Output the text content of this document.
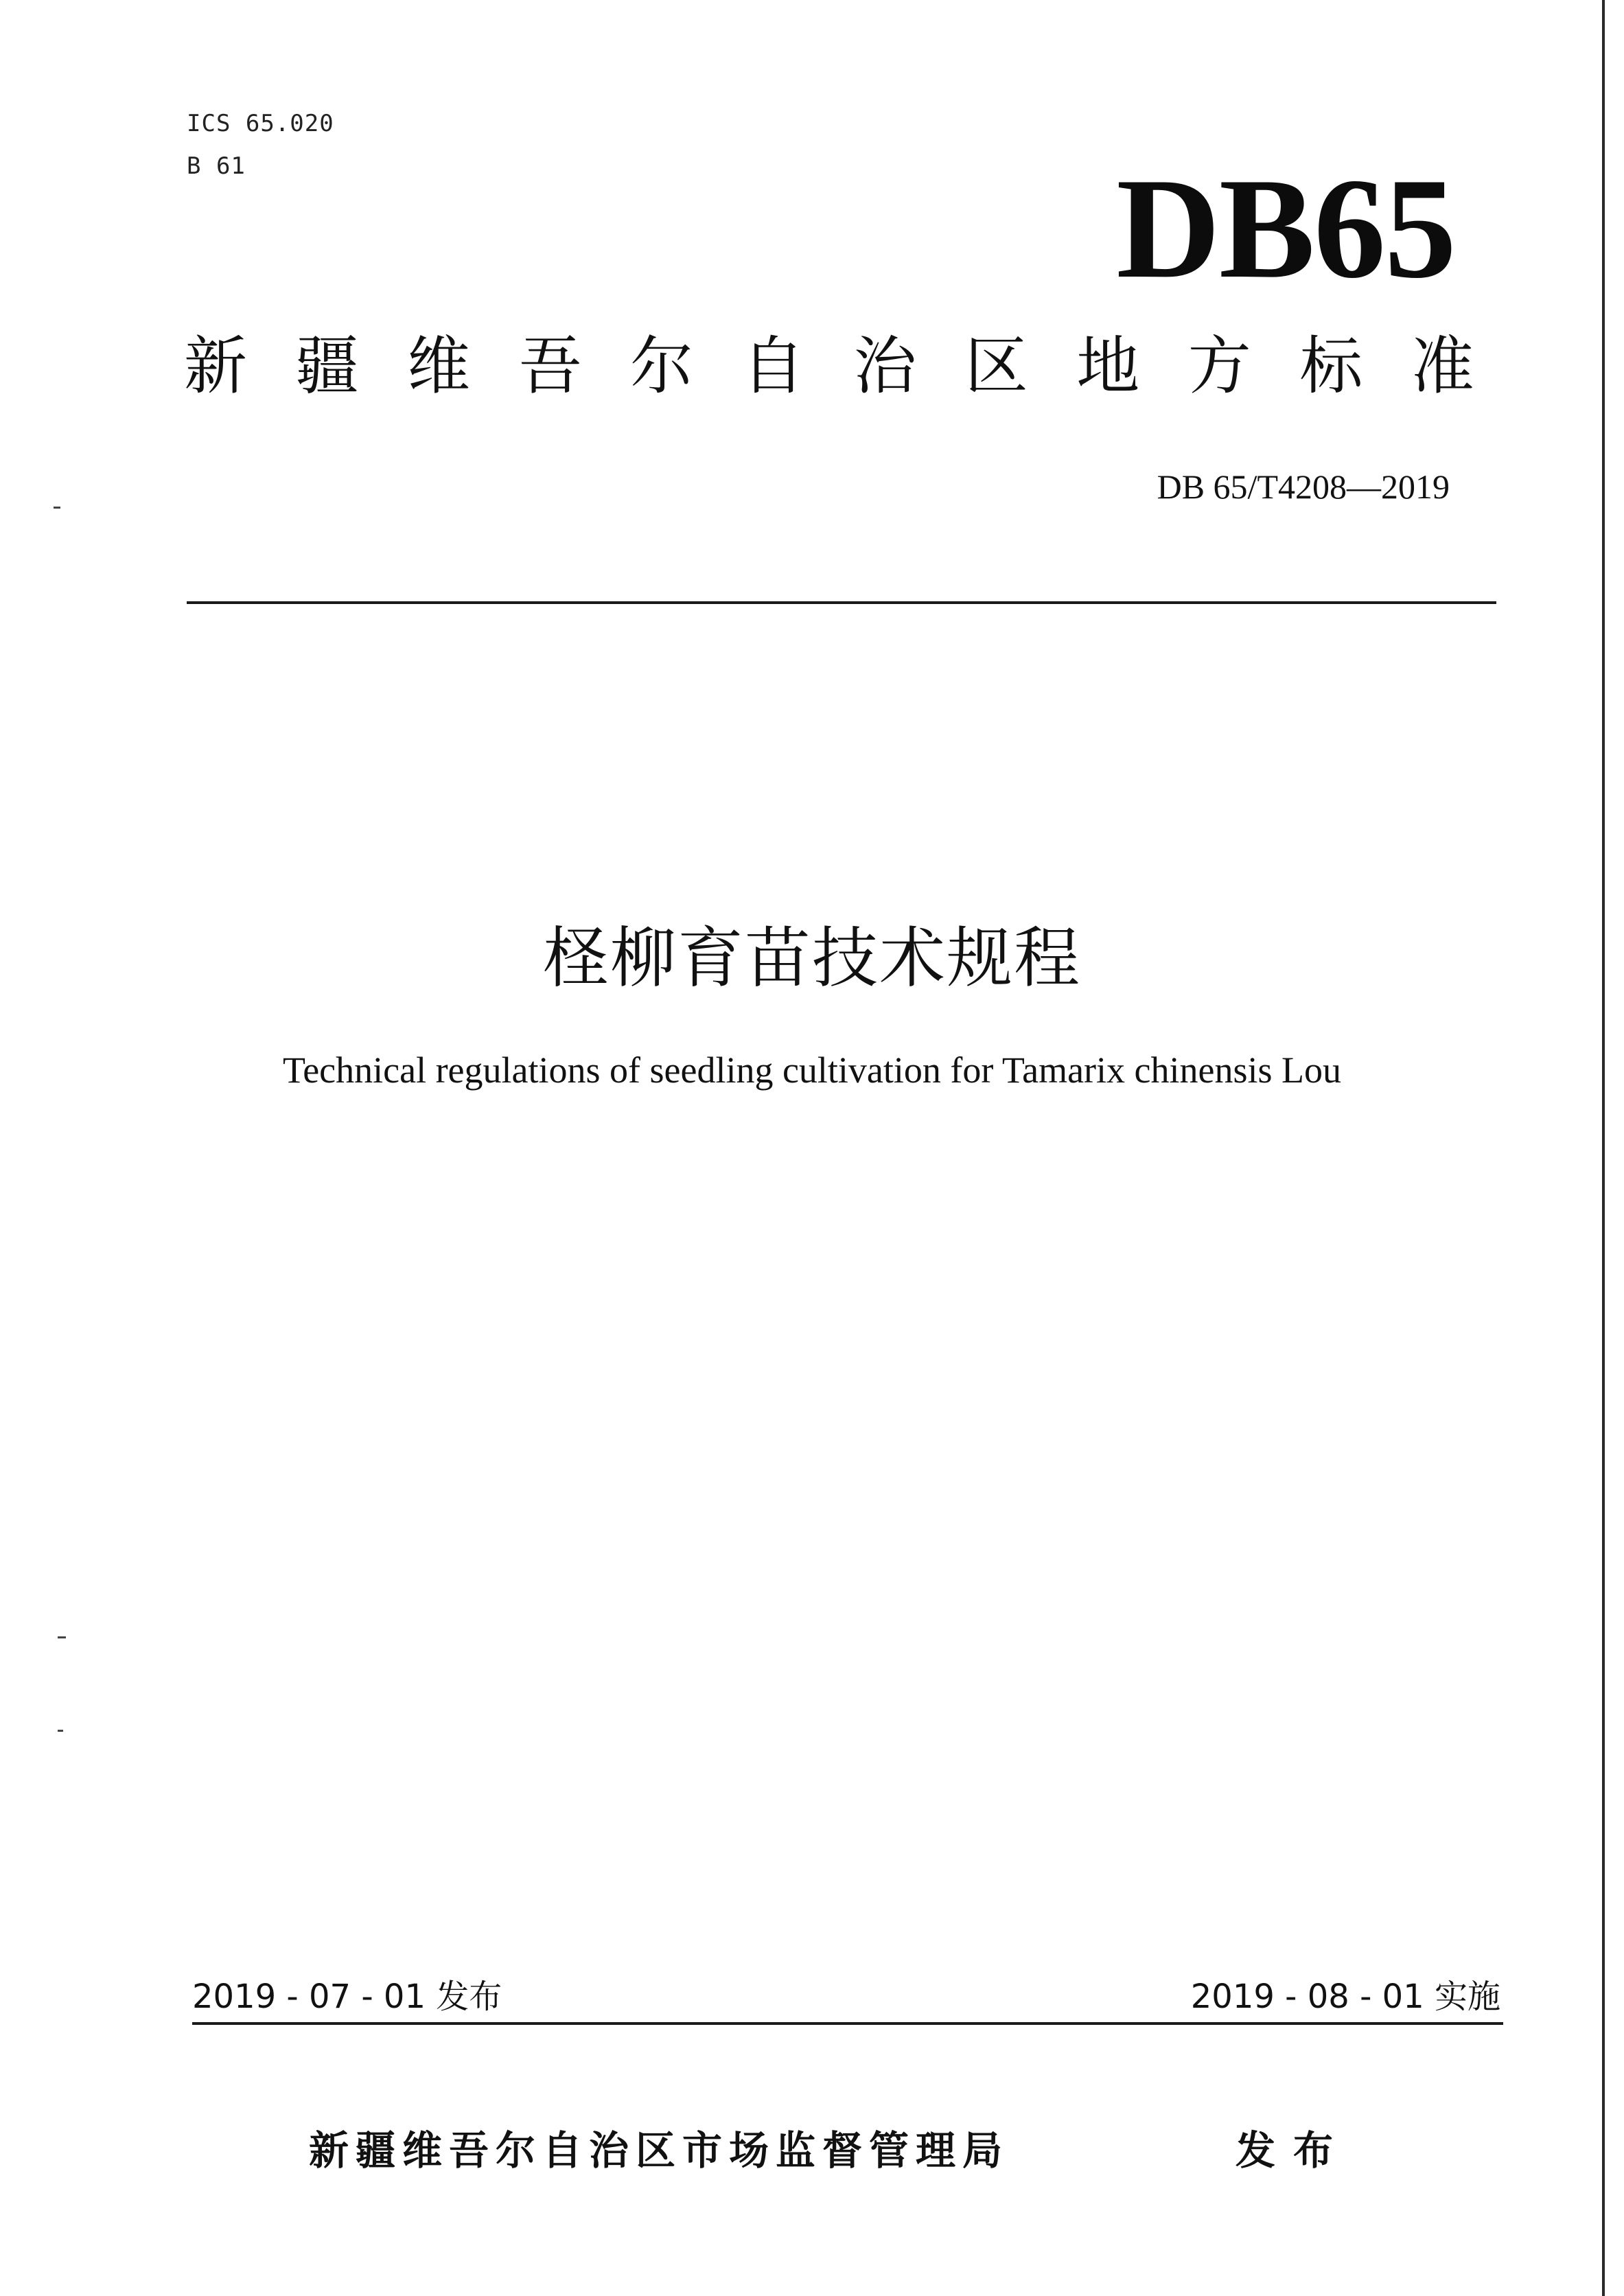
ICS 65.020
B 61	DB65
新 疆 维 吾 尔 自 治 区 地 方 标 准
DB 65/T4208—2019
柽柳育苗技术规程
Technical regulations of seedling cultivation for Tamarix chinensis Lou
2019 - 07 - 01 发布	2019 - 08 - 01 实施
新疆维吾尔自治区市场监督管理局	发布
